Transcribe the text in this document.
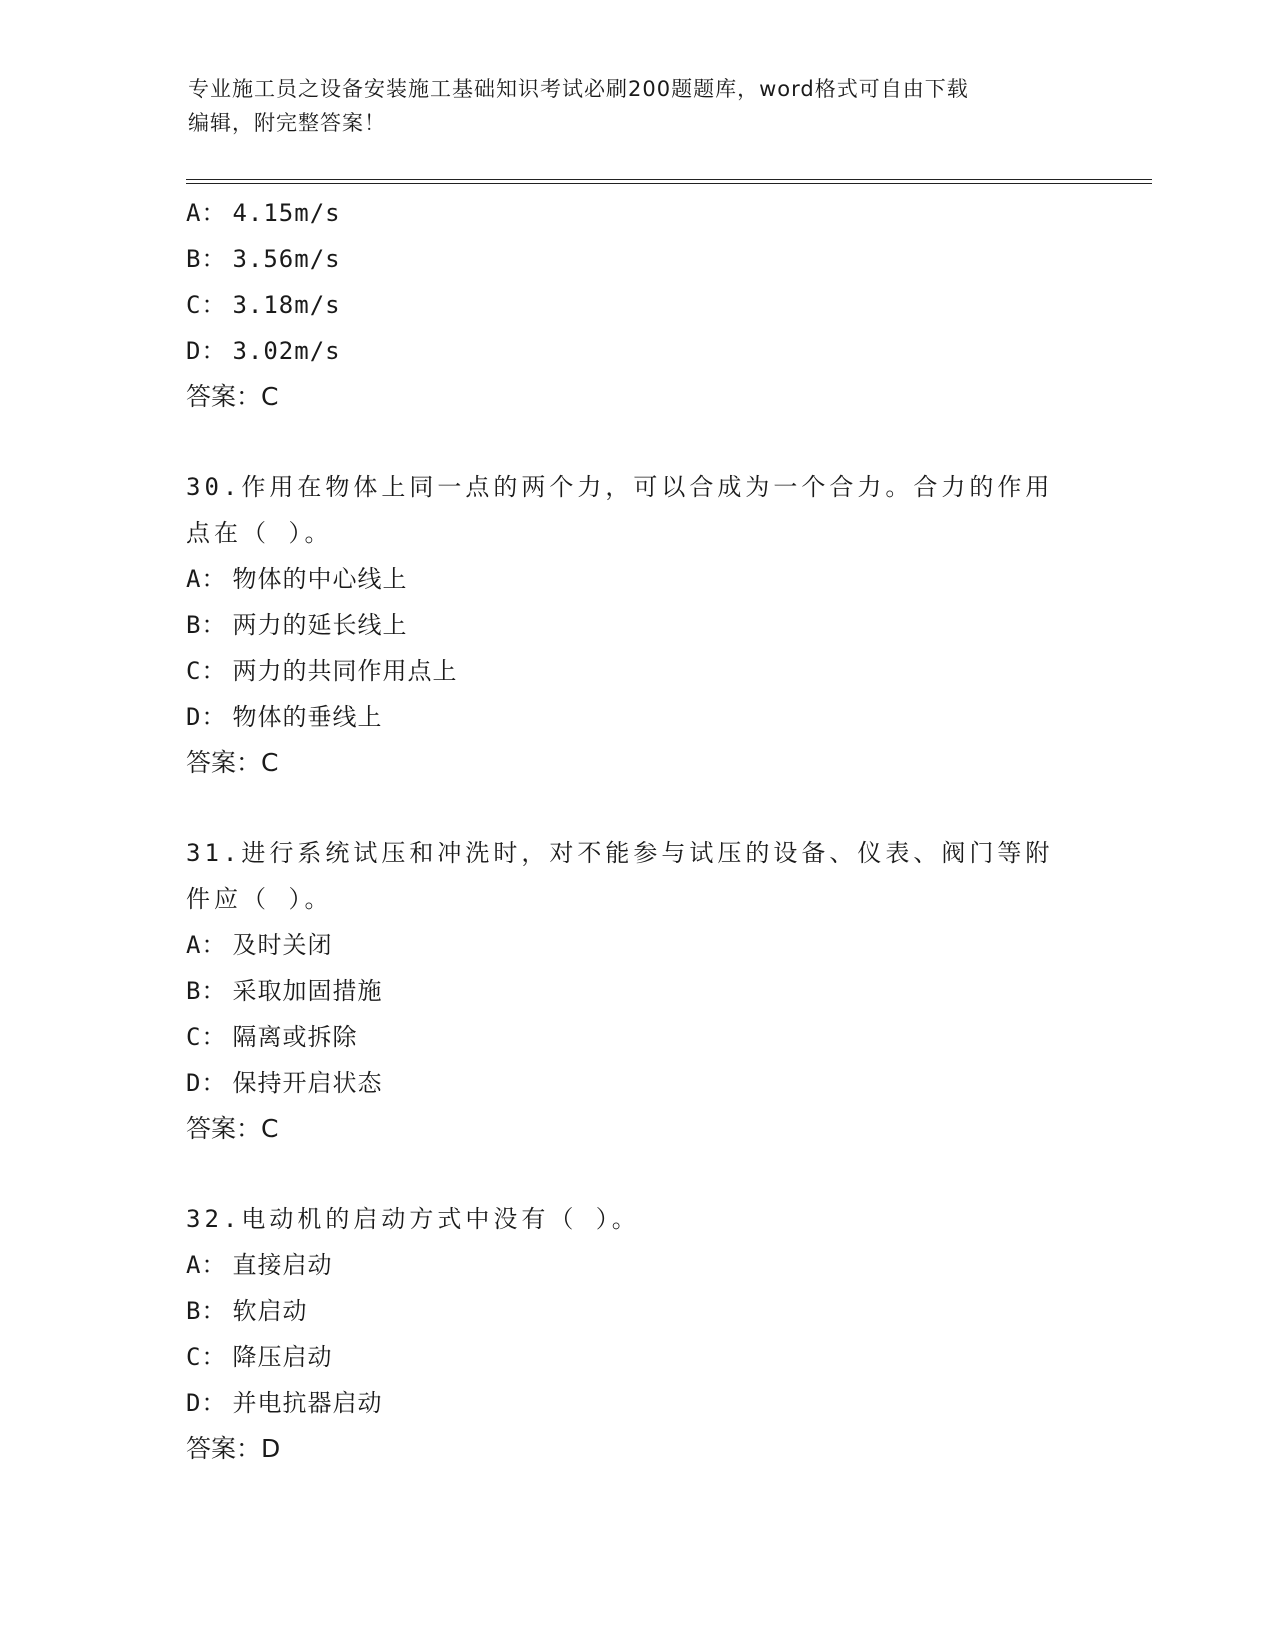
专业施工员之设备安装施工基础知识考试必刷200题题库，word格式可自由下载
编辑，附完整答案！
A： 4.15m/s
B： 3.56m/s
C： 3.18m/s
D： 3.02m/s
答案：C
30.作用在物体上同一点的两个力，可以合成为一个合力。合力的作用点在（ ）。
A： 物体的中心线上
B： 两力的延长线上
C： 两力的共同作用点上
D： 物体的垂线上
答案：C
31.进行系统试压和冲洗时，对不能参与试压的设备、仪表、阀门等附件应（ ）。
A： 及时关闭
B： 采取加固措施
C： 隔离或拆除
D： 保持开启状态
答案：C
32.电动机的启动方式中没有（ ）。
A： 直接启动
B： 软启动
C： 降压启动
D： 并电抗器启动
答案：D
